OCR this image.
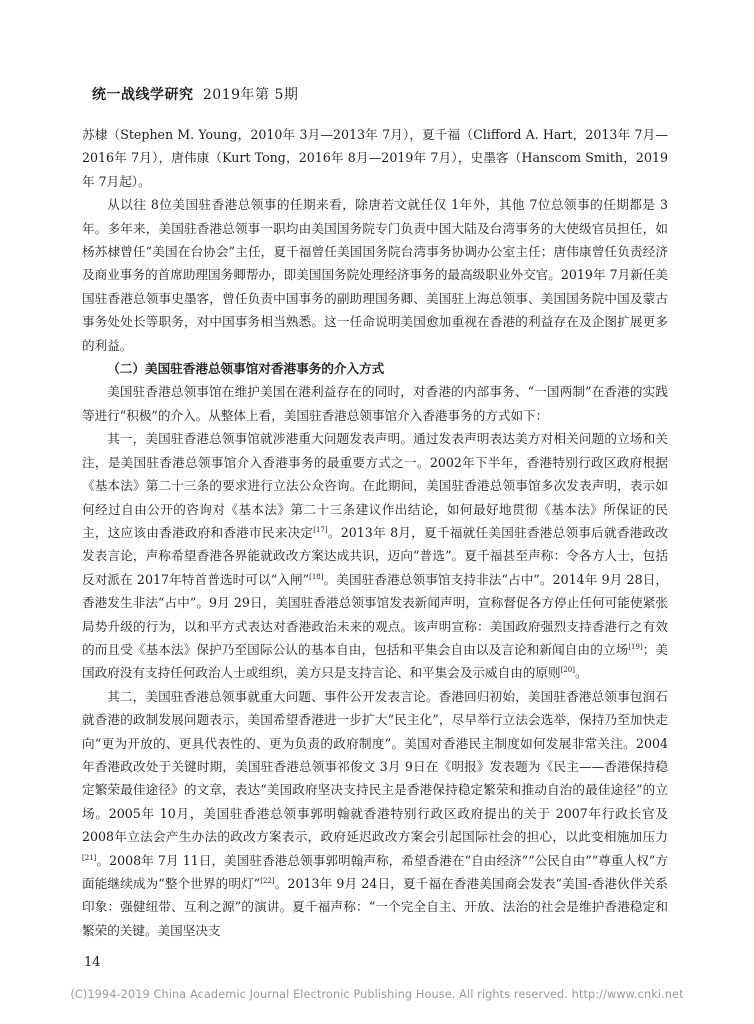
统一战线学研究 2019年第 5期

苏棣（Stephen M. Young，2010年 3月—2013年 7月），夏千福（Clifford A. Hart，2013年 7月—2016年 7月），唐伟康（Kurt Tong，2016年 8月—2019年 7月），史墨客（Hanscom Smith，2019年 7月起）。

从以往 8位美国驻香港总领事的任期来看，除唐若文就任仅 1年外，其他 7位总领事的任期都是 3年。多年来，美国驻香港总领事一职均由美国国务院专门负责中国大陆及台湾事务的大使级官员担任，如杨苏棣曾任“美国在台协会”主任，夏千福曾任美国国务院台湾事务协调办公室主任；唐伟康曾任负责经济及商业事务的首席助理国务卿帮办，即美国国务院处理经济事务的最高级职业外交官。2019年 7月新任美国驻香港总领事史墨客，曾任负责中国事务的副助理国务卿、美国驻上海总领事、美国国务院中国及蒙古事务处处长等职务，对中国事务相当熟悉。这一任命说明美国愈加重视在香港的利益存在及企图扩展更多的利益。

（二）美国驻香港总领事馆对香港事务的介入方式

美国驻香港总领事馆在维护美国在港利益存在的同时，对香港的内部事务、“一国两制”在香港的实践等进行“积极”的介入。从整体上看，美国驻香港总领事馆介入香港事务的方式如下：

其一，美国驻香港总领事馆就涉港重大问题发表声明。通过发表声明表达美方对相关问题的立场和关注，是美国驻香港总领事馆介入香港事务的最重要方式之一。2002年下半年，香港特别行政区政府根据《基本法》第二十三条的要求进行立法公众咨询。在此期间，美国驻香港总领事馆多次发表声明，表示如何经过自由公开的咨询对《基本法》第二十三条建议作出结论，如何最好地贯彻《基本法》所保证的民主，这应该由香港政府和香港市民来决定[17]。2013年 8月，夏千福就任美国驻香港总领事后就香港政改发表言论，声称希望香港各界能就政改方案达成共识，迈向“普选”。夏千福甚至声称：令各方人士，包括反对派在 2017年特首普选时可以“入闸”[18]。美国驻香港总领事馆支持非法“占中”。2014年 9月 28日，香港发生非法“占中”。9月 29日，美国驻香港总领事馆发表新闻声明，宣称督促各方停止任何可能使紧张局势升级的行为，以和平方式表达对香港政治未来的观点。该声明宣称：美国政府强烈支持香港行之有效的而且受《基本法》保护乃至国际公认的基本自由，包括和平集会自由以及言论和新闻自由的立场[19]；美国政府没有支持任何政治人士或组织，美方只是支持言论、和平集会及示威自由的原则[20]。

其二，美国驻香港总领事就重大问题、事件公开发表言论。香港回归初始，美国驻香港总领事包润石就香港的政制发展问题表示，美国希望香港进一步扩大“民主化”，尽早举行立法会选举，保持乃至加快走向“更为开放的、更具代表性的、更为负责的政府制度”。美国对香港民主制度如何发展非常关注。2004年香港政改处于关键时期，美国驻香港总领事祁俊文 3月 9日在《明报》发表题为《民主——香港保持稳定繁荣最佳途径》的文章，表达“美国政府坚决支持民主是香港保持稳定繁荣和推动自治的最佳途径”的立场。2005年 10月，美国驻香港总领事郭明翰就香港特别行政区政府提出的关于 2007年行政长官及 2008年立法会产生办法的政改方案表示，政府延迟政改方案会引起国际社会的担心，以此变相施加压力[21]。2008年 7月 11日，美国驻香港总领事郭明翰声称，希望香港在“自由经济”“公民自由”“尊重人权”方面能继续成为“整个世界的明灯”[22]。2013年 9月 24日，夏千福在香港美国商会发表“美国-香港伙伴关系印象：强健纽带、互利之源”的演讲。夏千福声称：“一个完全自主、开放、法治的社会是维护香港稳定和繁荣的关键。美国坚决支

14
(C)1994-2019 China Academic Journal Electronic Publishing House. All rights reserved. http://www.cnki.net
